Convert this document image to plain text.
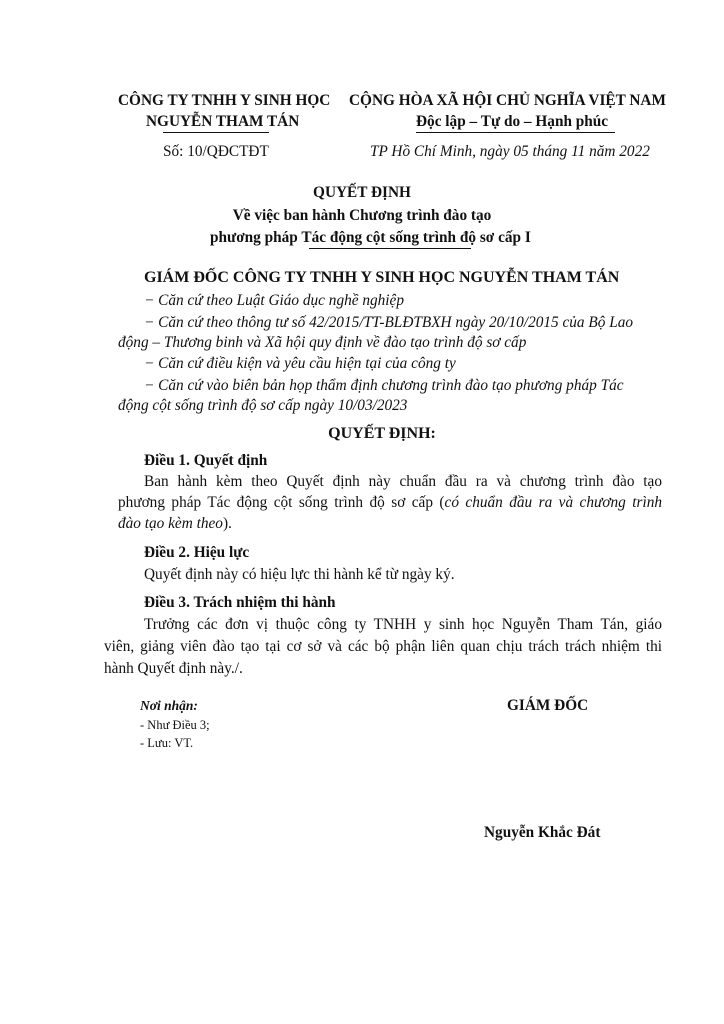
CÔNG TY TNHH Y SINH HỌC
NGUYỄN THAM TÁN
Số: 10/QĐCTĐT
CỘNG HÒA XÃ HỘI CHỦ NGHĨA VIỆT NAM
Độc lập – Tự do – Hạnh phúc
TP Hồ Chí Minh, ngày 05 tháng 11 năm 2022
QUYẾT ĐỊNH
Về việc ban hành Chương trình đào tạo
phương pháp Tác động cột sống trình độ sơ cấp I
GIÁM ĐỐC CÔNG TY TNHH Y SINH HỌC NGUYỄN THAM TÁN
− Căn cứ theo Luật Giáo dục nghề nghiệp
− Căn cứ theo thông tư số 42/2015/TT-BLĐTBXH ngày 20/10/2015 của Bộ Lao
động – Thương binh và Xã hội quy định về đào tạo trình độ sơ cấp
− Căn cứ điều kiện và yêu cầu hiện tại của công ty
− Căn cứ vào biên bản họp thẩm định chương trình đào tạo phương pháp Tác
động cột sống trình độ sơ cấp ngày 10/03/2023
QUYẾT ĐỊNH:
Điều 1. Quyết định
Ban hành kèm theo Quyết định này chuẩn đầu ra và chương trình đào tạo
phương pháp Tác động cột sống trình độ sơ cấp (có chuẩn đầu ra và chương trình
đào tạo kèm theo).
Điều 2. Hiệu lực
Quyết định này có hiệu lực thi hành kể từ ngày ký.
Điều 3. Trách nhiệm thi hành
Trưởng các đơn vị thuộc công ty TNHH y sinh học Nguyễn Tham Tán, giáo
viên, giảng viên đào tạo tại cơ sở và các bộ phận liên quan chịu trách trách nhiệm thi
hành Quyết định này./.
Nơi nhận:
- Như Điều 3;
- Lưu: VT.
GIÁM ĐỐC
Nguyễn Khắc Đát
